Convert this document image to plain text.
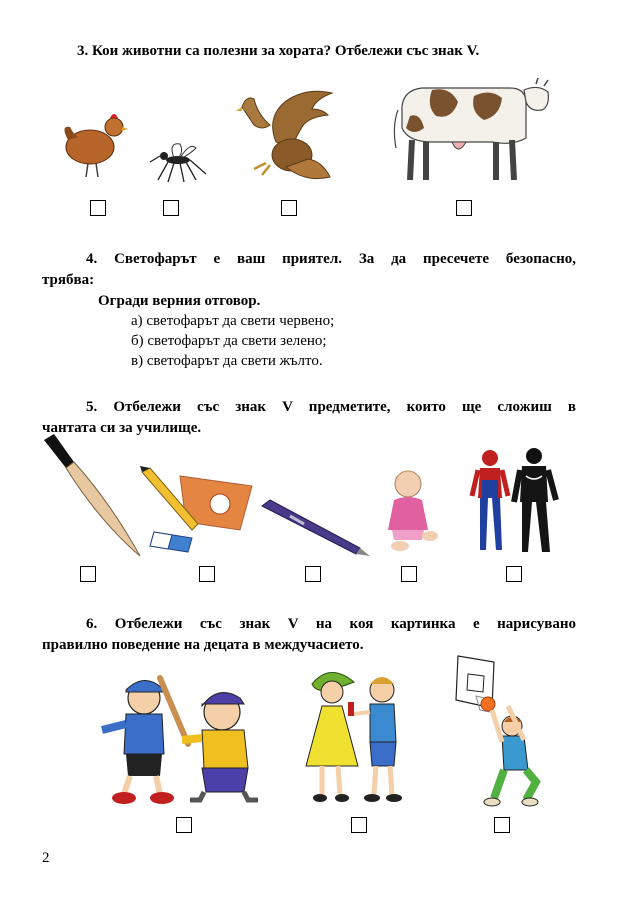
3. Кои животни са полезни за хората? Отбележи със знак V.
4. Светофарът е ваш приятел. За да пресечете безопасно,
трябва:
Огради верния отговор.
а) светофарът да свети червено;
б) светофарът да свети зелено;
в) светофарът да свети жълто.
5. Отбележи със знак V предметите, които ще сложиш в
чантата си за училище.
6. Отбележи със знак V на коя картинка е нарисувано
правилно поведение на децата в междучасието.
2
